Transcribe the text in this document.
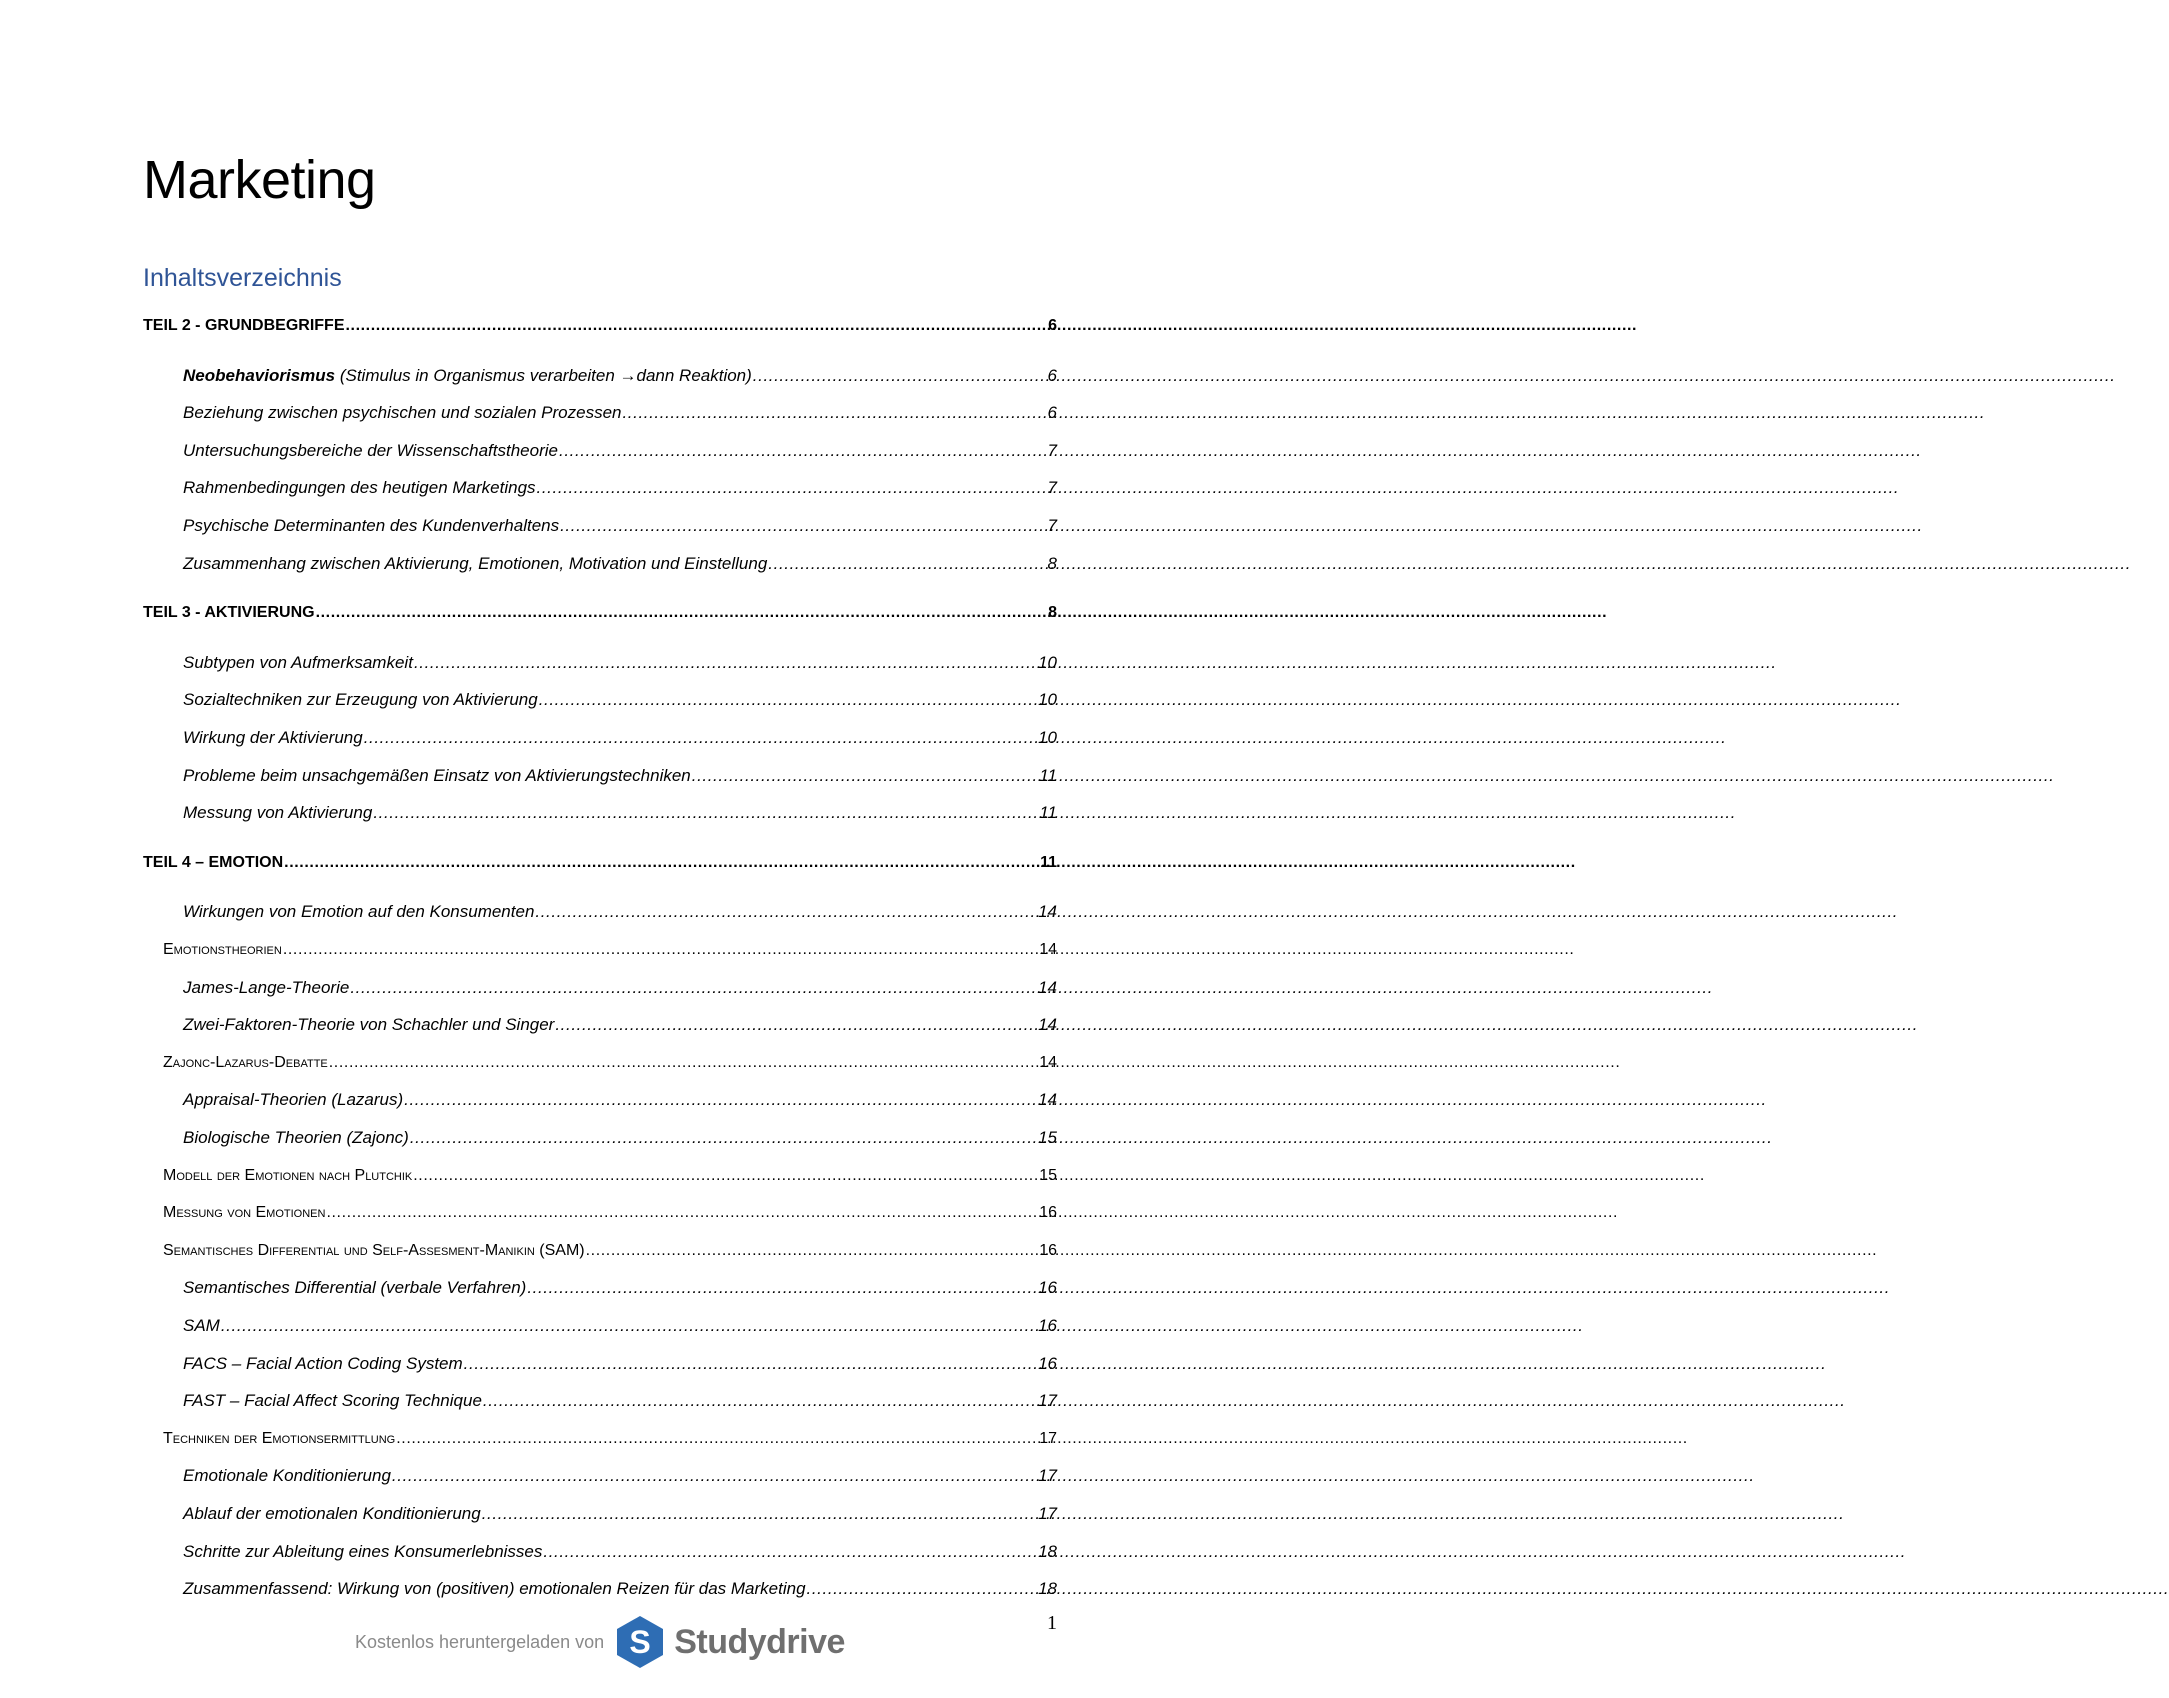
Marketing
Inhaltsverzeichnis
TEIL 2 - GRUNDBEGRIFFE .....	6
Neobehaviorismus (Stimulus in Organismus verarbeiten →dann Reaktion) .....	6
Beziehung zwischen psychischen und sozialen Prozessen .....	6
Untersuchungsbereiche der Wissenschaftstheorie .....	7
Rahmenbedingungen des heutigen Marketings .....	7
Psychische Determinanten des Kundenverhaltens .....	7
Zusammenhang zwischen Aktivierung, Emotionen, Motivation und Einstellung .....	8
TEIL 3 - AKTIVIERUNG .....	8
Subtypen von Aufmerksamkeit .....	10
Sozialtechniken zur Erzeugung von Aktivierung .....	10
Wirkung der Aktivierung .....	10
Probleme beim unsachgemäßen Einsatz von Aktivierungstechniken .....	11
Messung von Aktivierung .....	11
TEIL 4 – EMOTION .....	11
Wirkungen von Emotion auf den Konsumenten .....	14
Emotionstheorien .....	14
James-Lange-Theorie .....	14
Zwei-Faktoren-Theorie von Schachler und Singer .....	14
Zajonc-Lazarus-Debatte .....	14
Appraisal-Theorien (Lazarus) .....	14
Biologische Theorien (Zajonc) .....	15
Modell der Emotionen nach Plutchik .....	15
Messung von Emotionen .....	16
Semantisches Differential und Self-Assesment-Manikin (SAM) .....	16
Semantisches Differential (verbale Verfahren) .....	16
SAM .....	16
FACS – Facial Action Coding System .....	16
FAST – Facial Affect Scoring Technique .....	17
Techniken der Emotionsermittlung .....	17
Emotionale Konditionierung .....	17
Ablauf der emotionalen Konditionierung .....	17
Schritte zur Ableitung eines Konsumerlebnisses .....	18
Zusammenfassend: Wirkung von (positiven) emotionalen Reizen für das Marketing .....	18
1
Kostenlos heruntergeladen von S Studydrive
